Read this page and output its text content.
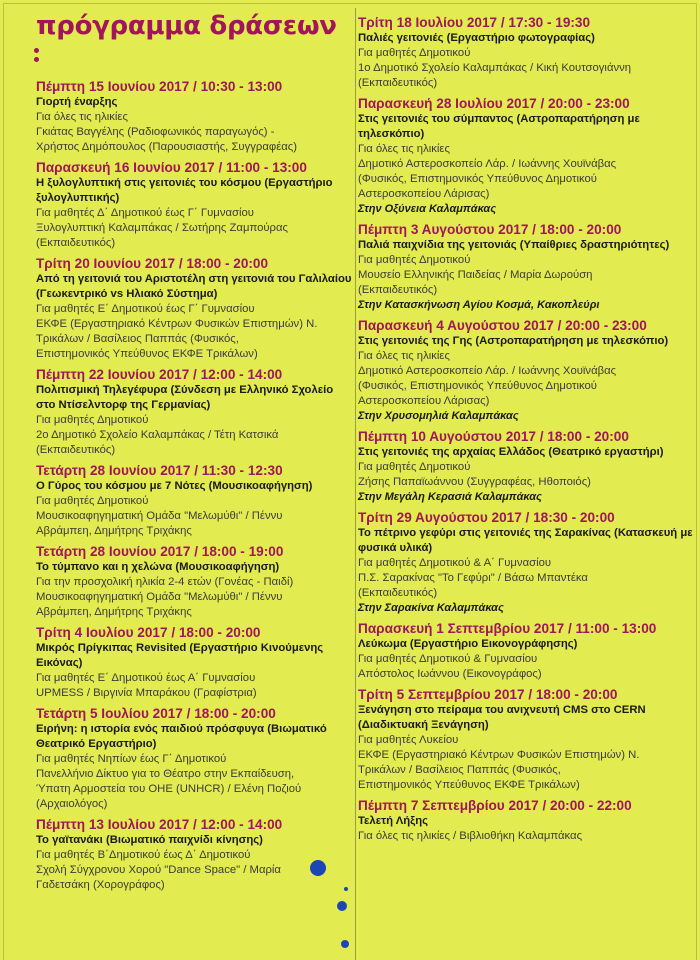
πρόγραμμα δράσεων
Πέμπτη 15 Ιουνίου 2017 / 10:30 - 13:00
Γιορτή έναρξης
Για όλες τις ηλικίες
Γκιάτας Βαγγέλης (Ραδιοφωνικός παραγωγός) -
Χρήστος Δημόπουλος (Παρουσιαστής, Συγγραφέας)
Παρασκευή 16 Ιουνίου 2017 / 11:00 - 13:00
Η ξυλογλυπτική στις γειτονιές του κόσμου (Εργαστήριο ξυλογλυπτικής)
Για μαθητές Δ΄ Δημοτικού έως Γ΄ Γυμνασίου
Ξυλογλυπτική Καλαμπάκας / Σωτήρης Ζαμπούρας
(Εκπαιδευτικός)
Τρίτη 20 Ιουνίου 2017 / 18:00 - 20:00
Από τη γειτονιά του Αριστοτέλη στη γειτονιά του Γαλιλαίου (Γεωκεντρικό vs Ηλιακό Σύστημα)
Για μαθητές Ε΄ Δημοτικού έως Γ΄ Γυμνασίου
ΕΚΦΕ (Εργαστηριακό Κέντρων Φυσικών Επιστημών) Ν.
Τρικάλων / Βασίλειος Παππάς (Φυσικός,
Επιστημονικός Υπεύθυνος ΕΚΦΕ Τρικάλων)
Πέμπτη 22 Ιουνίου 2017 / 12:00 - 14:00
Πολιτισμική Τηλεγέφυρα (Σύνδεση με Ελληνικό Σχολείο στο Ντίσελντορφ της Γερμανίας)
Για μαθητές Δημοτικού
2ο Δημοτικό Σχολείο Καλαμπάκας / Τέτη Κατσικά
(Εκπαιδευτικός)
Τετάρτη 28 Ιουνίου 2017 / 11:30 - 12:30
Ο Γύρος του κόσμου με 7 Νότες (Μουσικοαφήγηση)
Για μαθητές Δημοτικού
Μουσικοαφηγηματική Ομάδα "Μελωμύθι" / Πέννυ
Αβράμπεη, Δημήτρης Τριχάκης
Τετάρτη 28 Ιουνίου 2017 / 18:00 - 19:00
Το τύμπανο και η χελώνα (Μουσικοαφήγηση)
Για την προσχολική ηλικία 2-4 ετών (Γονέας - Παιδί)
Μουσικοαφηγηματική Ομάδα "Μελωμύθι" / Πέννυ
Αβράμπεη, Δημήτρης Τριχάκης
Τρίτη 4 Ιουλίου 2017 / 18:00 - 20:00
Μικρός Πρίγκιπας Revisited (Εργαστήριο Κινούμενης Εικόνας)
Για μαθητές Ε΄ Δημοτικού έως Α΄ Γυμνασίου
UPMESS / Βιργινία Μπαράκου (Γραφίστρια)
Τετάρτη 5 Ιουλίου 2017 / 18:00 - 20:00
Ειρήνη: η ιστορία ενός παιδιού πρόσφυγα (Βιωματικό Θεατρικό Εργαστήριο)
Για μαθητές Νηπίων έως Γ΄ Δημοτικού
Πανελλήνιο Δίκτυο για το Θέατρο στην Εκπαίδευση,
Ύπατη Αρμοστεία του ΟΗΕ (UNHCR) / Ελένη Ποζιού
(Αρχαιολόγος)
Πέμπτη 13 Ιουλίου 2017 / 12:00 - 14:00
Το γαϊτανάκι (Βιωματικό παιχνίδι κίνησης)
Για μαθητές Β΄Δημοτικού έως Δ΄ Δημοτικού
Σχολή Σύγχρονου Χορού "Dance Space" / Μαρία
Γαδετσάκη (Χορογράφος)
Τρίτη 18 Ιουλίου 2017 / 17:30 - 19:30
Παλιές γειτονιές (Εργαστήριο φωτογραφίας)
Για μαθητές Δημοτικού
1ο Δημοτικό Σχολείο Καλαμπάκας / Κική Κουτσογιάννη
(Εκπαιδευτικός)
Παρασκευή 28 Ιουλίου 2017 / 20:00 - 23:00
Στις γειτονιές του σύμπαντος (Αστροπαρατήρηση με τηλεσκόπιο)
Για όλες τις ηλικίες
Δημοτικό Αστεροσκοπείο Λάρ. / Ιωάννης Χουϊνάβας
(Φυσικός, Επιστημονικός Υπεύθυνος Δημοτικού
Αστεροσκοπείου Λάρισας)
Στην Οξύνεια Καλαμπάκας
Πέμπτη 3 Αυγούστου 2017 / 18:00 - 20:00
Παλιά παιχνίδια της γειτονιάς (Υπαίθριες δραστηριότητες)
Για μαθητές Δημοτικού
Μουσείο Ελληνικής Παιδείας / Μαρία Δωρούση
(Εκπαιδευτικός)
Στην Κατασκήνωση Αγίου Κοσμά, Κακοπλεύρι
Παρασκευή 4 Αυγούστου 2017 / 20:00 - 23:00
Στις γειτονιές της Γης (Αστροπαρατήρηση με τηλεσκόπιο)
Για όλες τις ηλικίες
Δημοτικό Αστεροσκοπείο Λάρ. / Ιωάννης Χουϊνάβας
(Φυσικός, Επιστημονικός Υπεύθυνος Δημοτικού
Αστεροσκοπείου Λάρισας)
Στην Χρυσομηλιά Καλαμπάκας
Πέμπτη 10 Αυγούστου 2017 / 18:00 - 20:00
Στις γειτονιές της αρχαίας Ελλάδος (Θεατρικό εργαστήρι)
Για μαθητές Δημοτικού
Ζήσης Παπαϊωάννου (Συγγραφέας, Ηθοποιός)
Στην Μεγάλη Κερασιά Καλαμπάκας
Τρίτη 29 Αυγούστου 2017 / 18:30 - 20:00
Το πέτρινο γεφύρι στις γειτονιές της Σαρακίνας (Κατασκευή με φυσικά υλικά)
Για μαθητές Δημοτικού & Α΄ Γυμνασίου
Π.Σ. Σαρακίνας "Το Γεφύρι" / Βάσω Μπαντέκα
(Εκπαιδευτικός)
Στην Σαρακίνα Καλαμπάκας
Παρασκευή 1 Σεπτεμβρίου 2017 / 11:00 - 13:00
Λεύκωμα (Εργαστήριο Εικονογράφησης)
Για μαθητές Δημοτικού & Γυμνασίου
Απόστολος Ιωάννου (Εικονογράφος)
Τρίτη 5 Σεπτεμβρίου 2017 / 18:00 - 20:00
Ξενάγηση στο πείραμα του ανιχνευτή CMS στο CERN (Διαδικτυακή Ξενάγηση)
Για μαθητές Λυκείου
ΕΚΦΕ (Εργαστηριακό Κέντρων Φυσικών Επιστημών) Ν.
Τρικάλων / Βασίλειος Παππάς (Φυσικός,
Επιστημονικός Υπεύθυνος ΕΚΦΕ Τρικάλων)
Πέμπτη 7 Σεπτεμβρίου 2017 / 20:00 - 22:00
Τελετή Λήξης
Για όλες τις ηλικίες / Βιβλιοθήκη Καλαμπάκας
